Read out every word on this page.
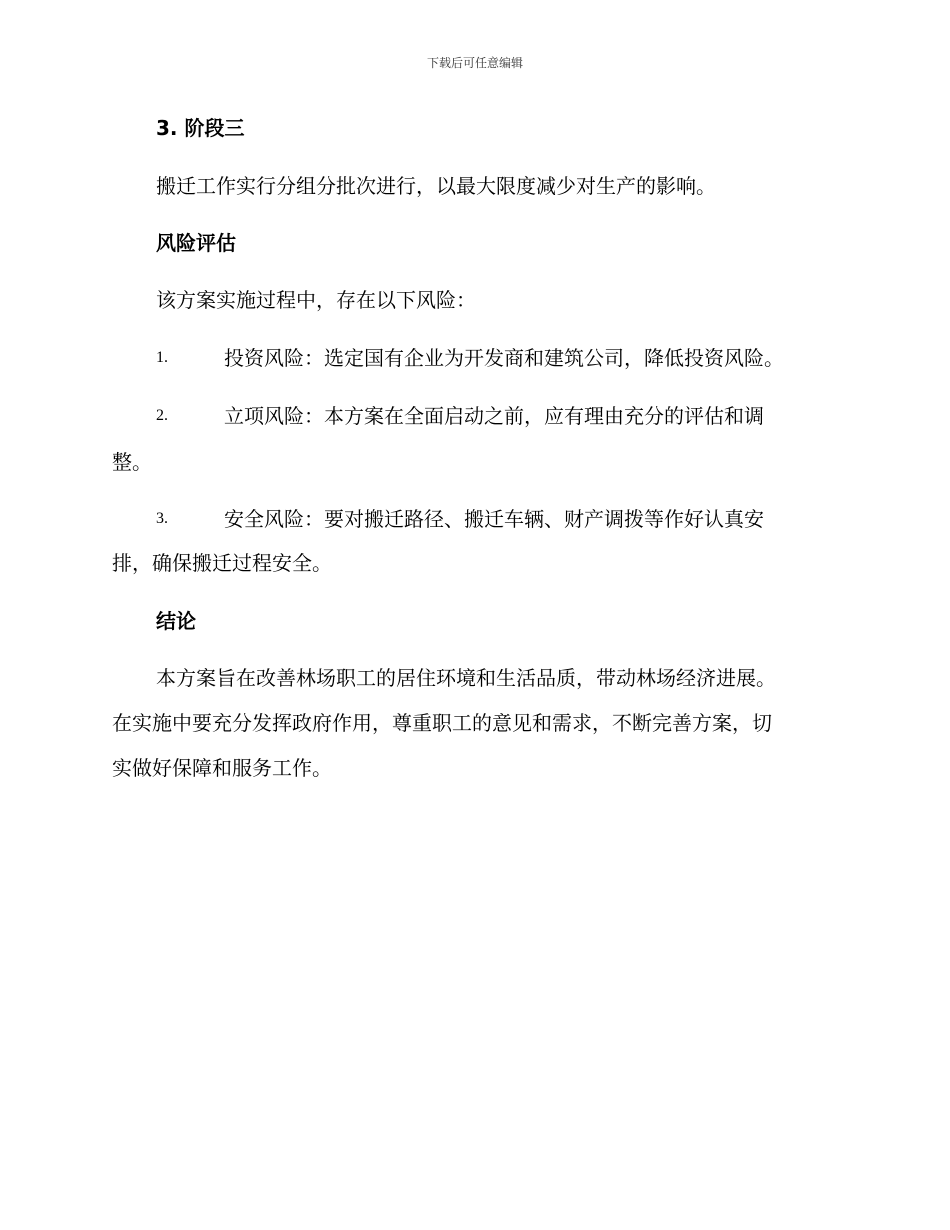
下载后可任意编辑
3. 阶段三
搬迁工作实行分组分批次进行，以最大限度减少对生产的影响。
风险评估
该方案实施过程中，存在以下风险：
1.	投资风险：选定国有企业为开发商和建筑公司，降低投资风险。
2.	立项风险：本方案在全面启动之前，应有理由充分的评估和调
整。
3.	安全风险：要对搬迁路径、搬迁车辆、财产调拨等作好认真安
排，确保搬迁过程安全。
结论
本方案旨在改善林场职工的居住环境和生活品质，带动林场经济进展。
在实施中要充分发挥政府作用，尊重职工的意见和需求，不断完善方案，切
实做好保障和服务工作。
